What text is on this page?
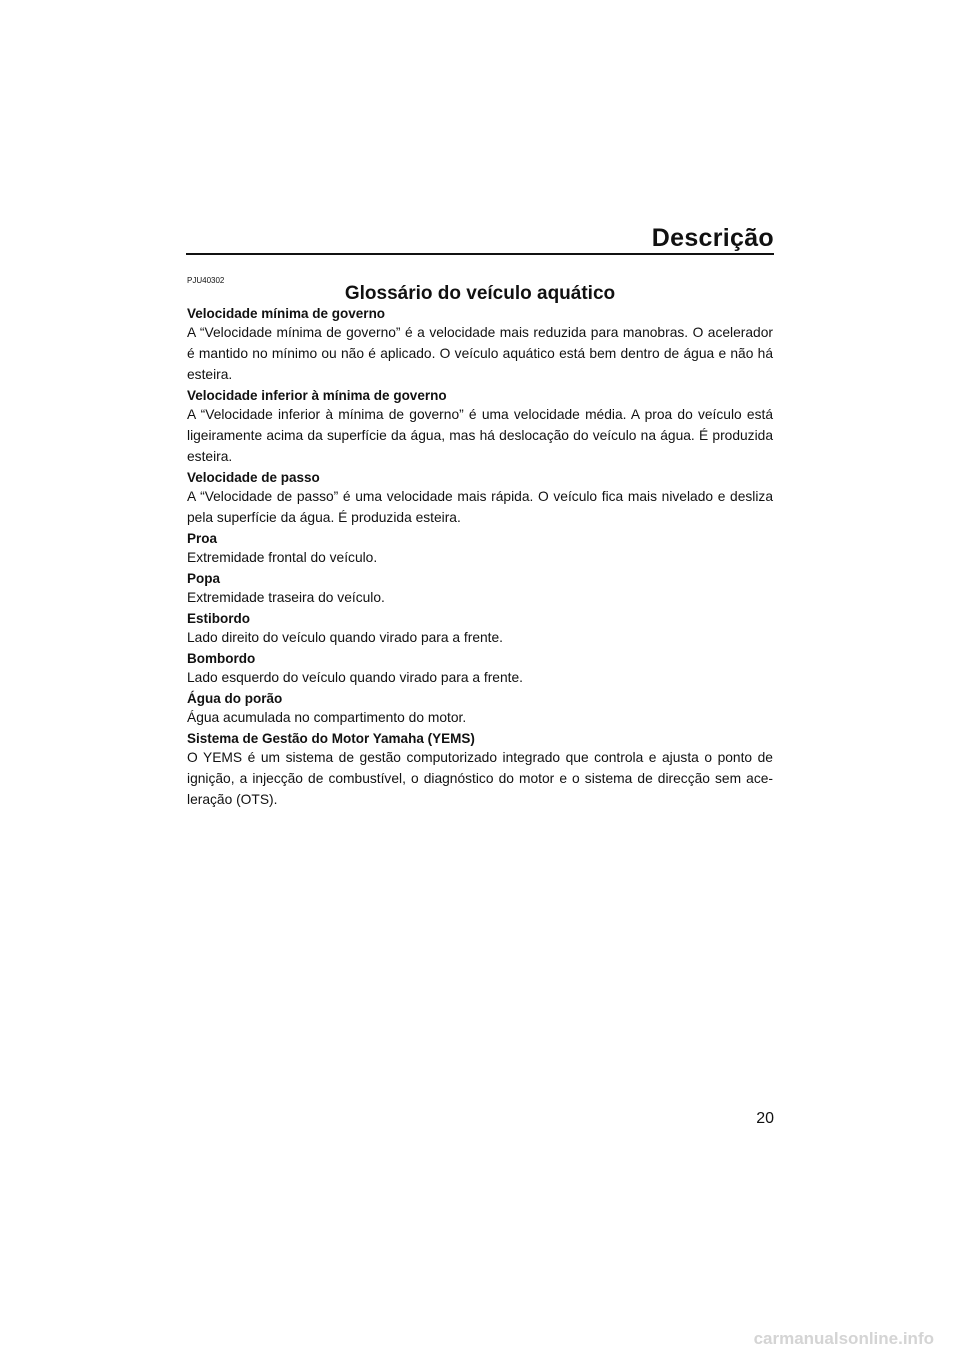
Descrição
PJU40302
Glossário do veículo aquático

Velocidade mínima de governo

A “Velocidade mínima de governo” é a velocidade mais reduzida para manobras. O acelerador é mantido no mínimo ou não é aplicado. O veículo aquático está bem dentro de água e não há esteira.

Velocidade inferior à mínima de governo

A “Velocidade inferior à mínima de governo” é uma velocidade média. A proa do veículo está ligeiramente acima da superfície da água, mas há deslocação do veículo na água. É produzida esteira.

Velocidade de passo

A “Velocidade de passo” é uma velocidade mais rápida. O veículo fica mais nivelado e desliza pela superfície da água. É produzida esteira.

Proa

Extremidade frontal do veículo.

Popa

Extremidade traseira do veículo.

Estibordo

Lado direito do veículo quando virado para a frente.

Bombordo

Lado esquerdo do veículo quando virado para a frente.

Água do porão

Água acumulada no compartimento do motor.

Sistema de Gestão do Motor Yamaha (YEMS)

O YEMS é um sistema de gestão computorizado integrado que controla e ajusta o ponto de ignição, a injecção de combustível, o diagnóstico do motor e o sistema de direcção sem ace-leração (OTS).

20
carmanualsonline.info
